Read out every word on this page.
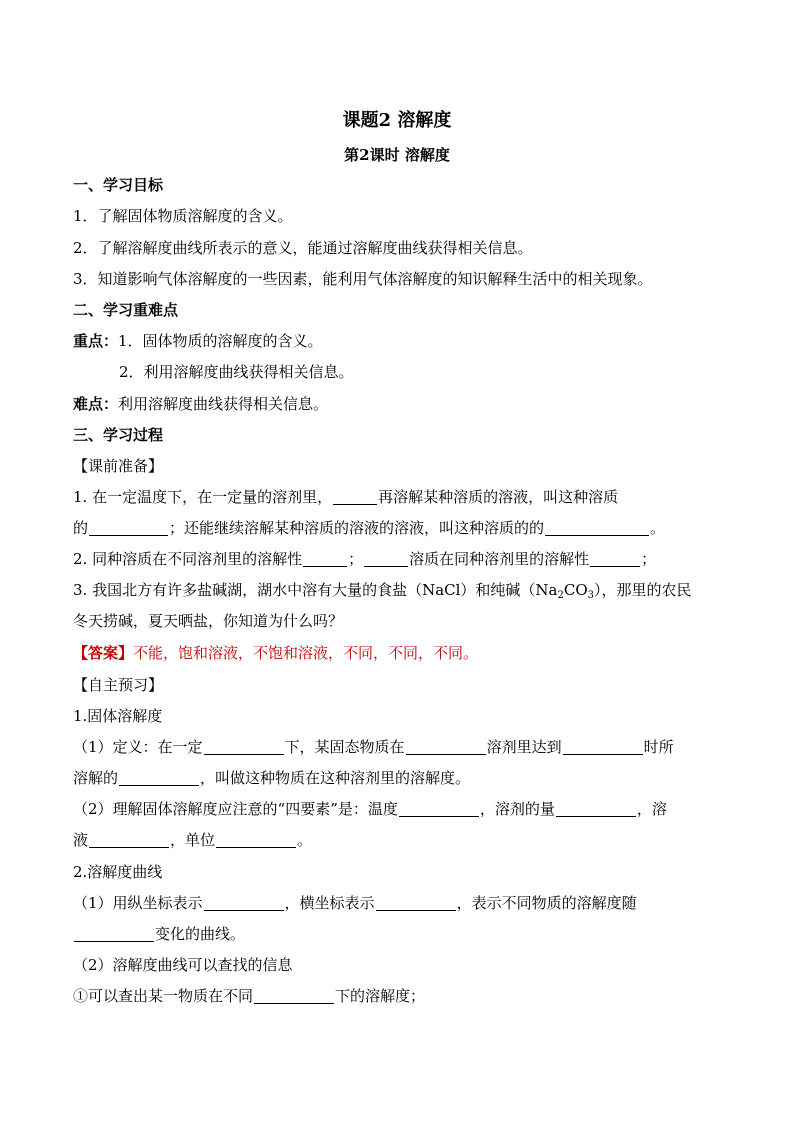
课题2 溶解度
第2课时 溶解度
一、学习目标
1．了解固体物质溶解度的含义。
2．了解溶解度曲线所表示的意义，能通过溶解度曲线获得相关信息。
3．知道影响气体溶解度的一些因素，能利用气体溶解度的知识解释生活中的相关现象。
二、学习重难点
重点：1．固体物质的溶解度的含义。
2．利用溶解度曲线获得相关信息。
难点：利用溶解度曲线获得相关信息。
三、学习过程
【课前准备】
1. 在一定温度下，在一定量的溶剂里，	再溶解某种溶质的溶液，叫这种溶质
的	；还能继续溶解某种溶质的溶液的溶液，叫这种溶质的的	。
2. 同种溶质在不同溶剂里的溶解性	；	溶质在同种溶剂里的溶解性	；
3. 我国北方有许多盐碱湖，湖水中溶有大量的食盐（NaCl）和纯碱$(Na_2CO_3)$，那里的农民
冬天捞碱，夏天晒盐，你知道为什么吗？
【答案】不能，饱和溶液，不饱和溶液，不同，不同，不同。
【自主预习】
1.固体溶解度
（1）定义：在一定	下，某固态物质在	溶剂里达到	时所
溶解的	，叫做这种物质在这种溶剂里的溶解度。
（2）理解固体溶解度应注意的“四要素”是：温度	，溶剂的量	，溶
液	，单位	。
2.溶解度曲线
（1）用纵坐标表示	，横坐标表示	，表示不同物质的溶解度随
变化的曲线。
（2）溶解度曲线可以查找的信息
①可以查出某一物质在不同	下的溶解度；
